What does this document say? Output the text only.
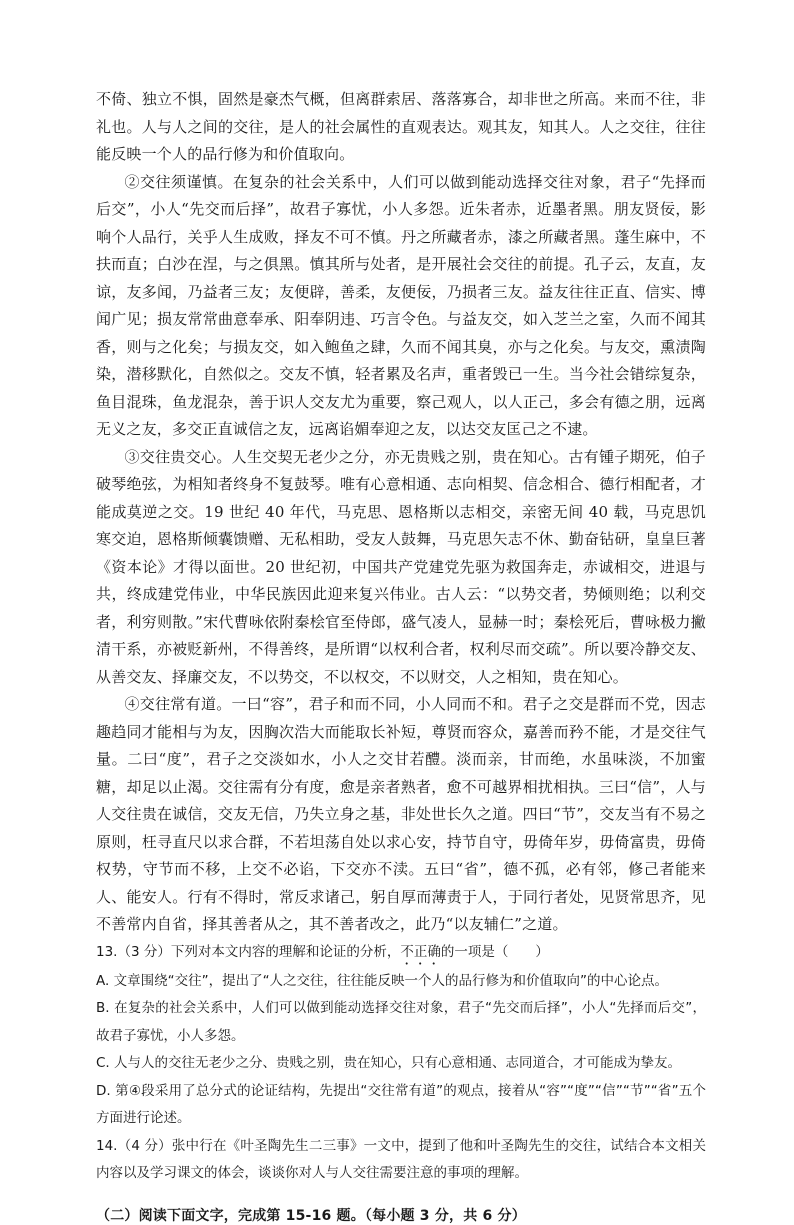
不倚、独立不惧，固然是豪杰气概，但离群索居、落落寡合，却非世之所高。来而不往，非礼也。人与人之间的交往，是人的社会属性的直观表达。观其友，知其人。人之交往，往往能反映一个人的品行修为和价值取向。

②交往须谨慎。在复杂的社会关系中，人们可以做到能动选择交往对象，君子“先择而后交”，小人“先交而后择”，故君子寡忧，小人多怨。近朱者赤，近墨者黑。朋友贤佞，影响个人品行，关乎人生成败，择友不可不慎。丹之所藏者赤，漆之所藏者黑。蓬生麻中，不扶而直；白沙在涅，与之俱黑。慎其所与处者，是开展社会交往的前提。孔子云，友直，友谅，友多闻，乃益者三友；友便辟，善柔，友便佞，乃损者三友。益友往往正直、信实、博闻广见；损友常常曲意奉承、阳奉阴违、巧言令色。与益友交，如入芝兰之室，久而不闻其香，则与之化矣；与损友交，如入鲍鱼之肆，久而不闻其臭，亦与之化矣。与友交，熏渍陶染，潜移默化，自然似之。交友不慎，轻者累及名声，重者毁已一生。当今社会错综复杂，鱼目混珠，鱼龙混杂，善于识人交友尤为重要，察己观人，以人正己，多会有德之朋，远离无义之友，多交正直诚信之友，远离谄媚奉迎之友，以达交友匡己之不逮。

③交往贵交心。人生交契无老少之分，亦无贵贱之别，贵在知心。古有锺子期死，伯子破琴绝弦，为相知者终身不复鼓琴。唯有心意相通、志向相契、信念相合、德行相配者，才能成莫逆之交。19 世纪 40 年代，马克思、恩格斯以志相交，亲密无间 40 载，马克思饥寒交迫，恩格斯倾囊馈赠、无私相助，受友人鼓舞，马克思矢志不休、勤奋钻研，皇皇巨著《资本论》才得以面世。20 世纪初，中国共产党建党先驱为救国奔走，赤诚相交，进退与共，终成建党伟业，中华民族因此迎来复兴伟业。古人云：“以势交者，势倾则绝；以利交者，利穷则散。”宋代曹咏依附秦桧官至侍郎，盛气凌人，显赫一时；秦桧死后，曹咏极力撇清干系，亦被贬新州，不得善终，是所谓“以权利合者，权利尽而交疏”。所以要冷静交友、从善交友、择廉交友，不以势交，不以权交，不以财交，人之相知，贵在知心。

④交往常有道。一曰“容”，君子和而不同，小人同而不和。君子之交是群而不党，因志趣趋同才能相与为友，因胸次浩大而能取长补短，尊贤而容众，嘉善而矜不能，才是交往气量。二曰“度”，君子之交淡如水，小人之交甘若醴。淡而亲，甘而绝，水虽味淡，不加蜜糖，却足以止渴。交往需有分有度，愈是亲者熟者，愈不可越界相扰相执。三曰“信”，人与人交往贵在诚信，交友无信，乃失立身之基，非处世长久之道。四曰“节”，交友当有不易之原则，枉寻直尺以求合群，不若坦荡自处以求心安，持节自守，毋倚年岁，毋倚富贵，毋倚权势，守节而不移，上交不必谄，下交亦不渎。五曰“省”，德不孤，必有邻，修己者能来人、能安人。行有不得时，常反求诸己，躬自厚而薄责于人，于同行者处，见贤常思齐，见不善常内自省，择其善者从之，其不善者改之，此乃“以友辅仁”之道。

13.（3 分）下列对本文内容的理解和论证的分析，不正确的一项是（　　）

A. 文章围绕“交往”，提出了“人之交往，往往能反映一个人的品行修为和价值取向”的中心论点。

B. 在复杂的社会关系中，人们可以做到能动选择交往对象，君子“先交而后择”，小人“先择而后交”，故君子寡忧，小人多怨。

C. 人与人的交往无老少之分、贵贱之别，贵在知心，只有心意相通、志同道合，才可能成为挚友。

D. 第④段采用了总分式的论证结构，先提出“交往常有道”的观点，接着从“容”“度”“信”“节”“省”五个方面进行论述。

14.（4 分）张中行在《叶圣陶先生二三事》一文中，提到了他和叶圣陶先生的交往，试结合本文相关内容以及学习课文的体会，谈谈你对人与人交往需要注意的事项的理解。

（二）阅读下面文字，完成第 15-16 题。（每小题 3 分，共 6 分）
